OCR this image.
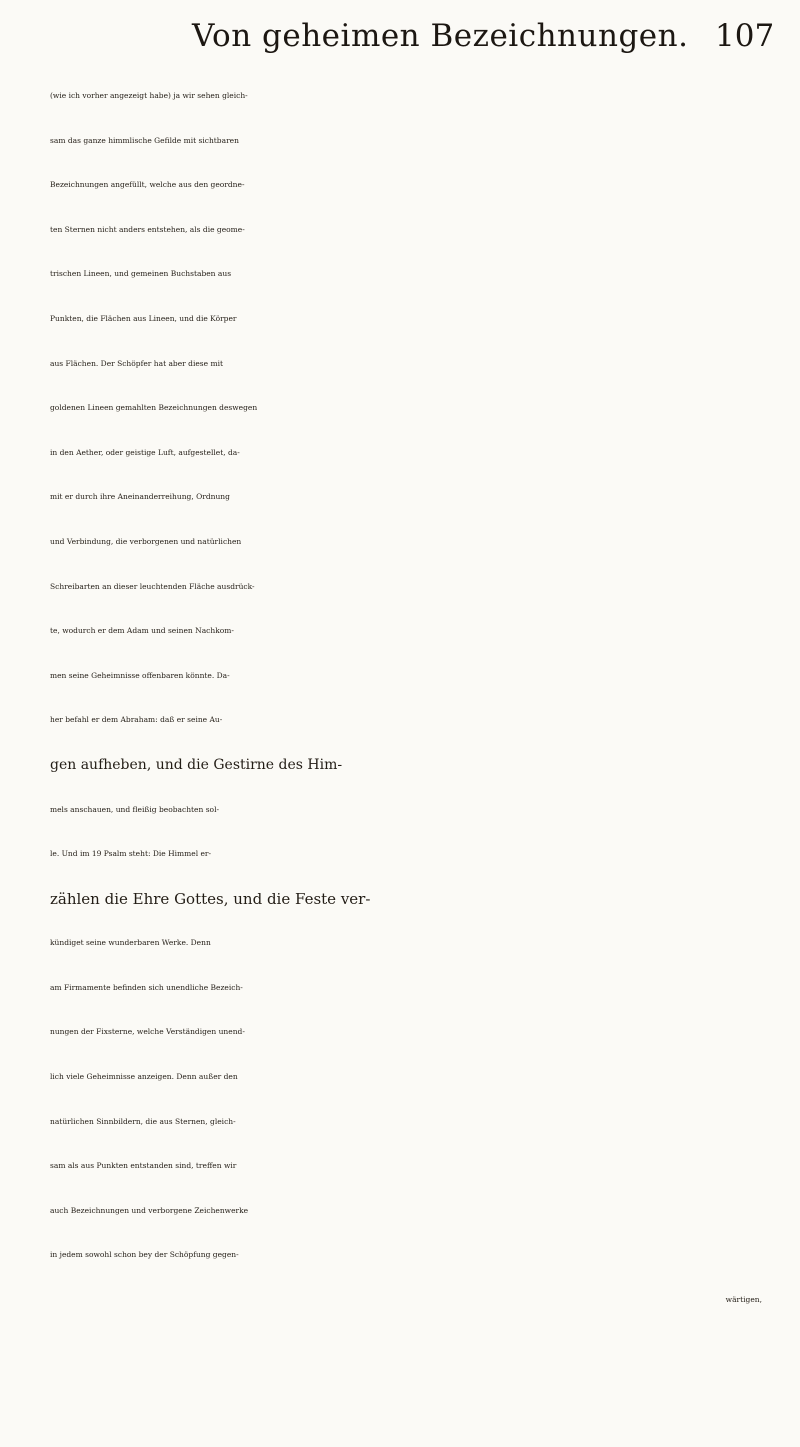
Von geheimen Bezeichnungen. 107
(wie ich vorher angezeigt habe) ja wir sehen gleich-
sam das ganze himmlische Gefilde mit sichtbaren
Bezeichnungen angefüllt, welche aus den geordne-
ten Sternen nicht anders entstehen, als die geome-
trischen Lineen, und gemeinen Buchstaben aus
Punkten, die Flächen aus Lineen, und die Körper
aus Flächen. Der Schöpfer hat aber diese mit
goldenen Lineen gemahlten Bezeichnungen deswegen
in den Aether, oder geistige Luft, aufgestellet, da-
mit er durch ihre Aneinanderreihung, Ordnung
und Verbindung, die verborgenen und natürlichen
Schreibarten an dieser leuchtenden Fläche ausdrück-
te, wodurch er dem Adam und seinen Nachkom-
men seine Geheimnisse offenbaren könnte. Da-
her befahl er dem Abraham: daß er seine Au-
gen aufheben, und die Gestirne des Him-
mels anschauen, und fleißig beobachten sol-
le. Und im 19 Psalm steht: Die Himmel er-
zählen die Ehre Gottes, und die Feste ver-
kündiget seine wunderbaren Werke. Denn
am Firmamente befinden sich unendliche Bezeich-
nungen der Fixsterne, welche Verständigen unend-
lich viele Geheimnisse anzeigen. Denn außer den
natürlichen Sinnbildern, die aus Sternen, gleich-
sam als aus Punkten entstanden sind, treffen wir
auch Bezeichnungen und verborgene Zeichenwerke
in jedem sowohl schon bey der Schöpfung gegen-
wärtigen,
